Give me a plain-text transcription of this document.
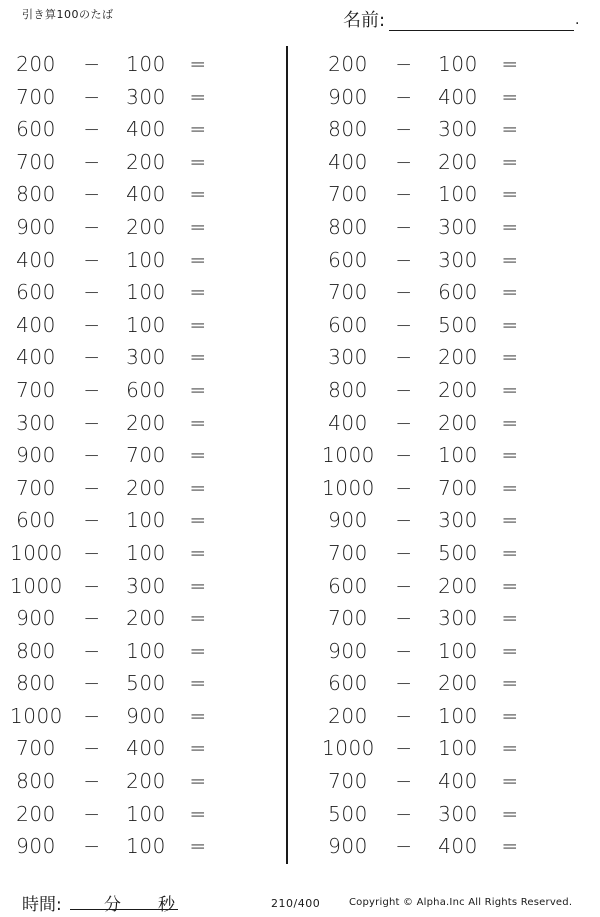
引き算100のたば	名前:	.
200	−	100	=
700	−	300	=
600	−	400	=
700	−	200	=
800	−	400	=
900	−	200	=
400	−	100	=
600	−	100	=
400	−	100	=
400	−	300	=
700	−	600	=
300	−	200	=
900	−	700	=
700	−	200	=
600	−	100	=
1000 −	100	=
1000 −	300	=
900	−	200	=
800	−	100	=
800	−	500	=
1000 −	900	=
700	−	400	=
800	−	200	=
200	−	100	=
900	−	100	=
200	−	100	=
900	−	400	=
800	−	300	=
400	−	200	=
700	−	100	=
800	−	300	=
600	−	300	=
700	−	600	=
600	−	500	=
300	−	200	=
800	−	200	=
400	−	200	=
1000 −	100	=
1000 −	700	=
900	−	300	=
700	−	500	=
600	−	200	=
700	−	300	=
900	−	100	=
600	−	200	=
200	−	100	=
1000 −	100	=
700	−	400	=
500	−	300	=
900	−	400	=
時間: 分 秒	210/400	Copyright © Alpha.Inc All Rights Reserved.
